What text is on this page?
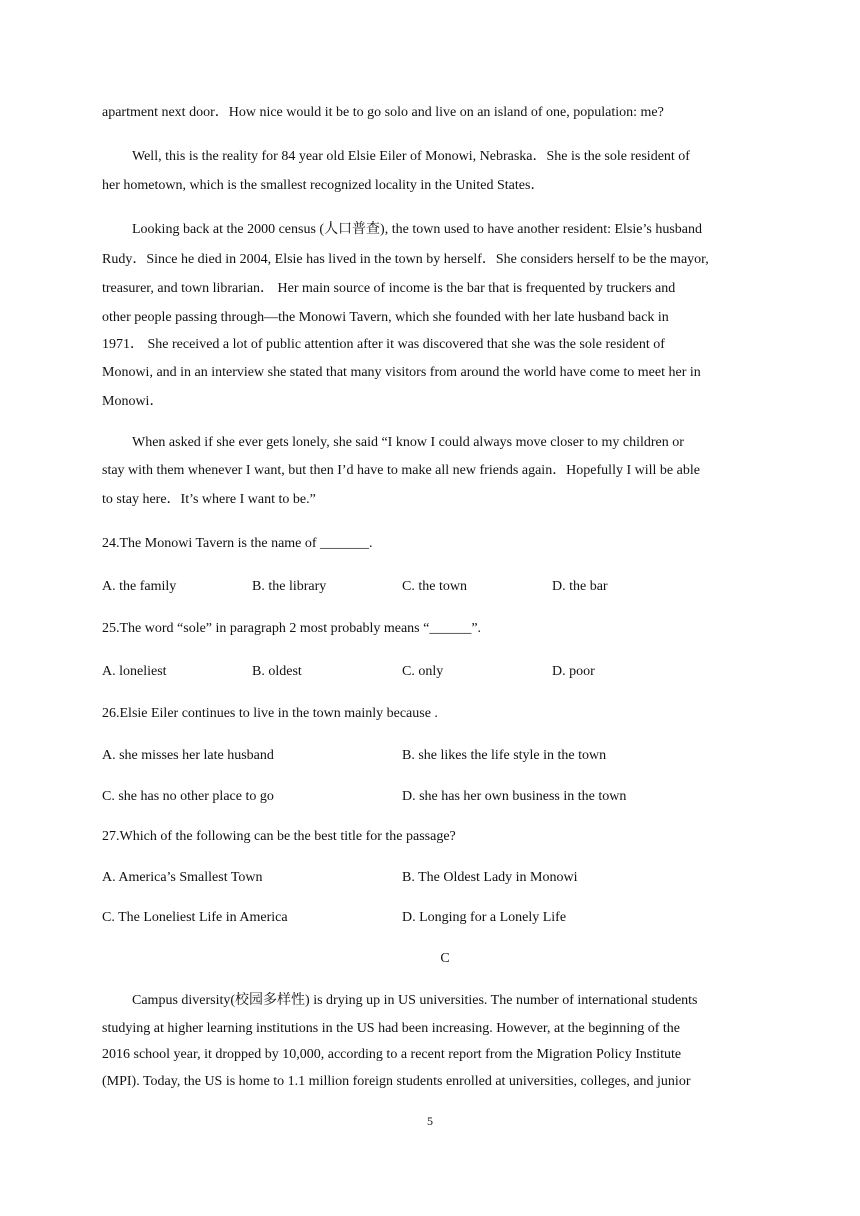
apartment next door．How nice would it be to go solo and live on an island of one, population: me?

Well, this is the reality for 84 year old Elsie Eiler of Monowi, Nebraska．She is the sole resident of

her hometown, which is the smallest recognized locality in the United States．

Looking back at the 2000 census (人口普查), the town used to have another resident: Elsie’s husband

Rudy．Since he died in 2004, Elsie has lived in the town by herself．She considers herself to be the mayor,

treasurer, and town librarian． Her main source of income is the bar that is frequented by truckers and

other people passing through—the Monowi Tavern, which she founded with her late husband back in

1971． She received a lot of public attention after it was discovered that she was the sole resident of

Monowi, and in an interview she stated that many visitors from around the world have come to meet her in

Monowi．

When asked if she ever gets lonely, she said “I know I could always move closer to my children or

stay with them whenever I want, but then I’d have to make all new friends again．Hopefully I will be able

to stay here．It’s where I want to be.”

24.The Monowi Tavern is the name of _______.

A. the family	B. the library	C. the town	D. the bar

25.The word “sole” in paragraph 2 most probably means “______”.

A. loneliest	B. oldest	C. only	D. poor

26.Elsie Eiler continues to live in the town mainly because .

A. she misses her late husband	B. she likes the life style in the town

C. she has no other place to go	D. she has her own business in the town

27.Which of the following can be the best title for the passage?

A. America’s Smallest Town	B. The Oldest Lady in Monowi

C. The Loneliest Life in America	D. Longing for a Lonely Life

C

Campus diversity(校园多样性) is drying up in US universities. The number of international students

studying at higher learning institutions in the US had been increasing. However, at the beginning of the

2016 school year, it dropped by 10,000, according to a recent report from the Migration Policy Institute

(MPI). Today, the US is home to 1.1 million foreign students enrolled at universities, colleges, and junior

5
